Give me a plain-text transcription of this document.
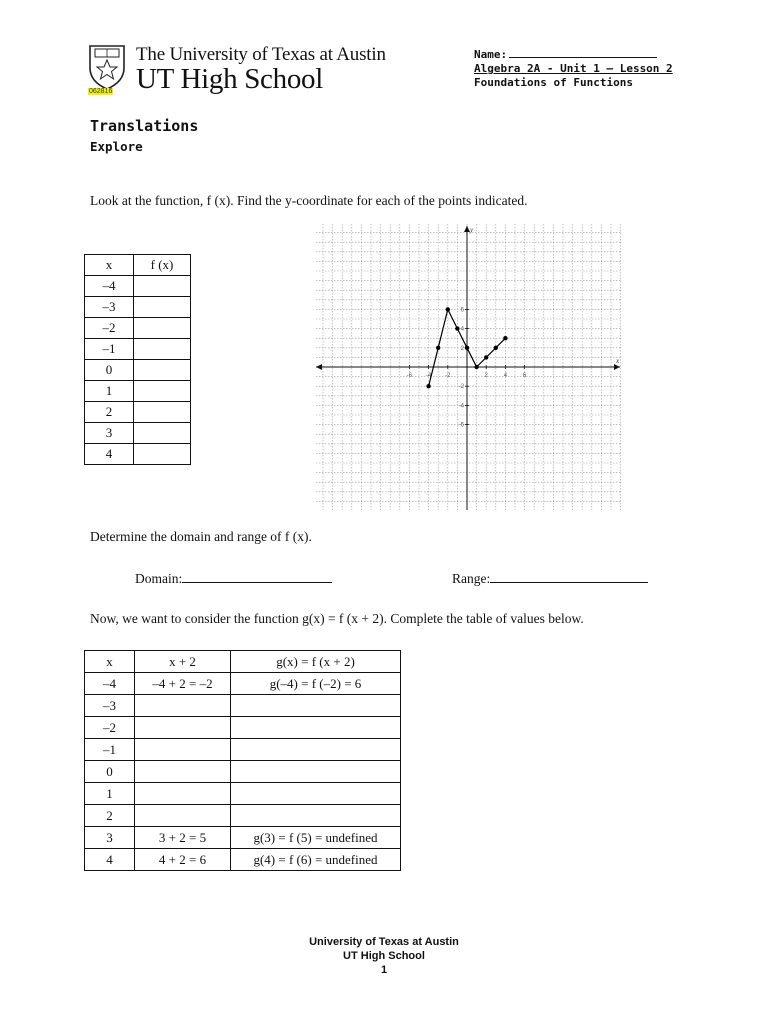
062816
The University of Texas at Austin
UT High School
Name:
Algebra 2A - Unit 1 – Lesson 2
Foundations of Functions
Translations
Explore
Look at the function, f (x). Find the y-coordinate for each of the points indicated.
x	f (x)
–4	
–3	
–2	
–1	
0	
1	
2	
3	
4	
x
y
-6 -4 -2	2	4	6
6
4
2
-2
-4
-6
Determine the domain and range of f (x).
Domain:	Range:
Now, we want to consider the function g(x) = f (x + 2). Complete the table of values below.
x	x + 2	g(x) = f (x + 2)
–4	–4 + 2 = –2	g(–4) = f (–2) = 6
–3		
–2		
–1		
0		
1		
2		
3	3 + 2 = 5	g(3) = f (5) = undefined
4	4 + 2 = 6	g(4) = f (6) = undefined
University of Texas at Austin
UT High School
1
